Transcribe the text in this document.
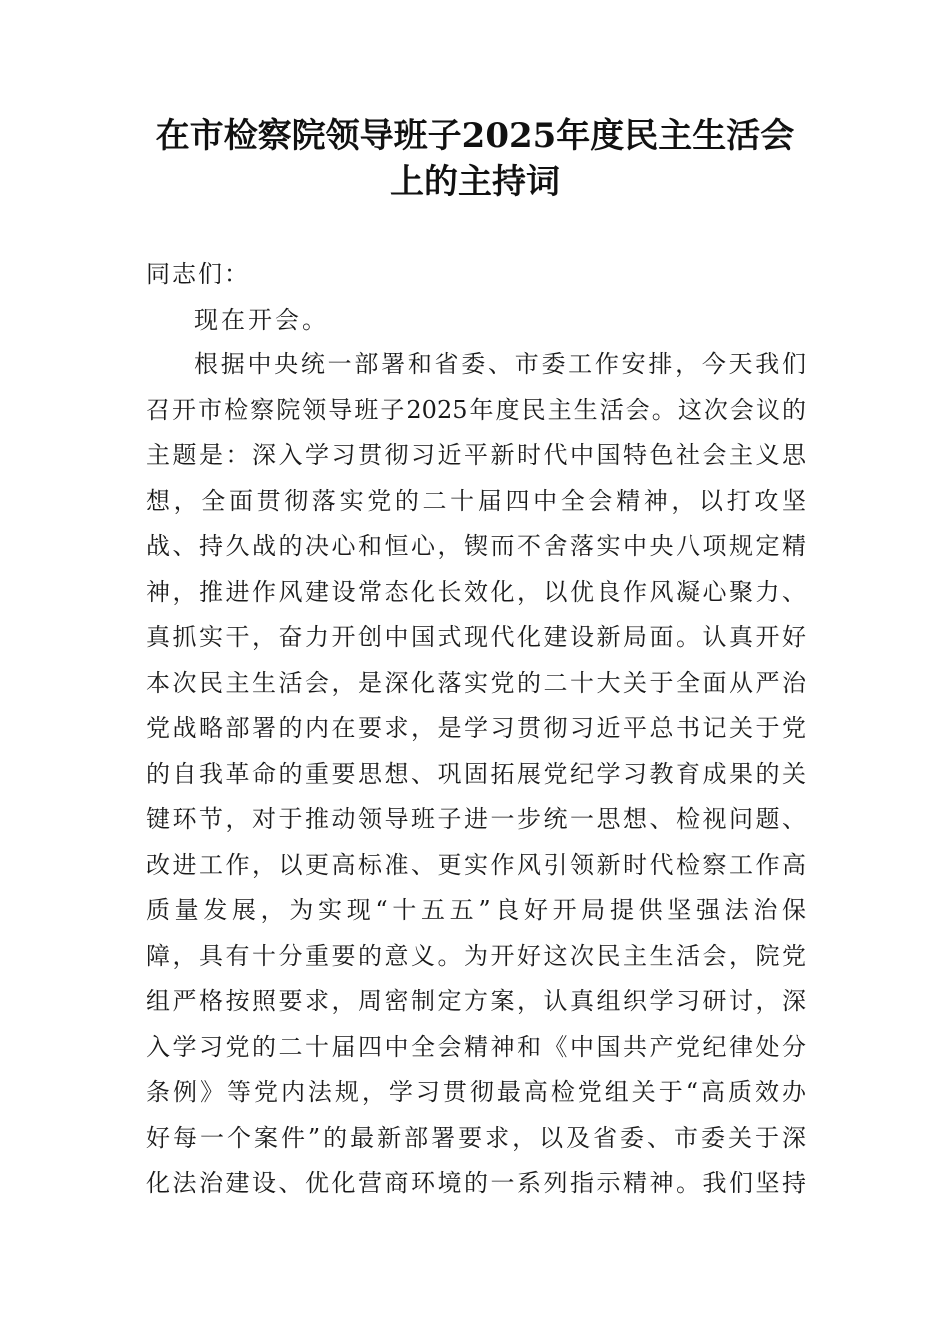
在市检察院领导班子2025年度民主生活会
上的主持词
同志们：
现在开会。
根据中央统一部署和省委、市委工作安排，今天我们
召开市检察院领导班子2025年度民主生活会。这次会议的
主题是：深入学习贯彻习近平新时代中国特色社会主义思
想，全面贯彻落实党的二十届四中全会精神，以打攻坚
战、持久战的决心和恒心，锲而不舍落实中央八项规定精
神，推进作风建设常态化长效化，以优良作风凝心聚力、
真抓实干，奋力开创中国式现代化建设新局面。认真开好
本次民主生活会，是深化落实党的二十大关于全面从严治
党战略部署的内在要求，是学习贯彻习近平总书记关于党
的自我革命的重要思想、巩固拓展党纪学习教育成果的关
键环节，对于推动领导班子进一步统一思想、检视问题、
改进工作，以更高标准、更实作风引领新时代检察工作高
质量发展，为实现“十五五”良好开局提供坚强法治保
障，具有十分重要的意义。为开好这次民主生活会，院党
组严格按照要求，周密制定方案，认真组织学习研讨，深
入学习党的二十届四中全会精神和《中国共产党纪律处分
条例》等党内法规，学习贯彻最高检党组关于“高质效办
好每一个案件”的最新部署要求，以及省委、市委关于深
化法治建设、优化营商环境的一系列指示精神。我们坚持
